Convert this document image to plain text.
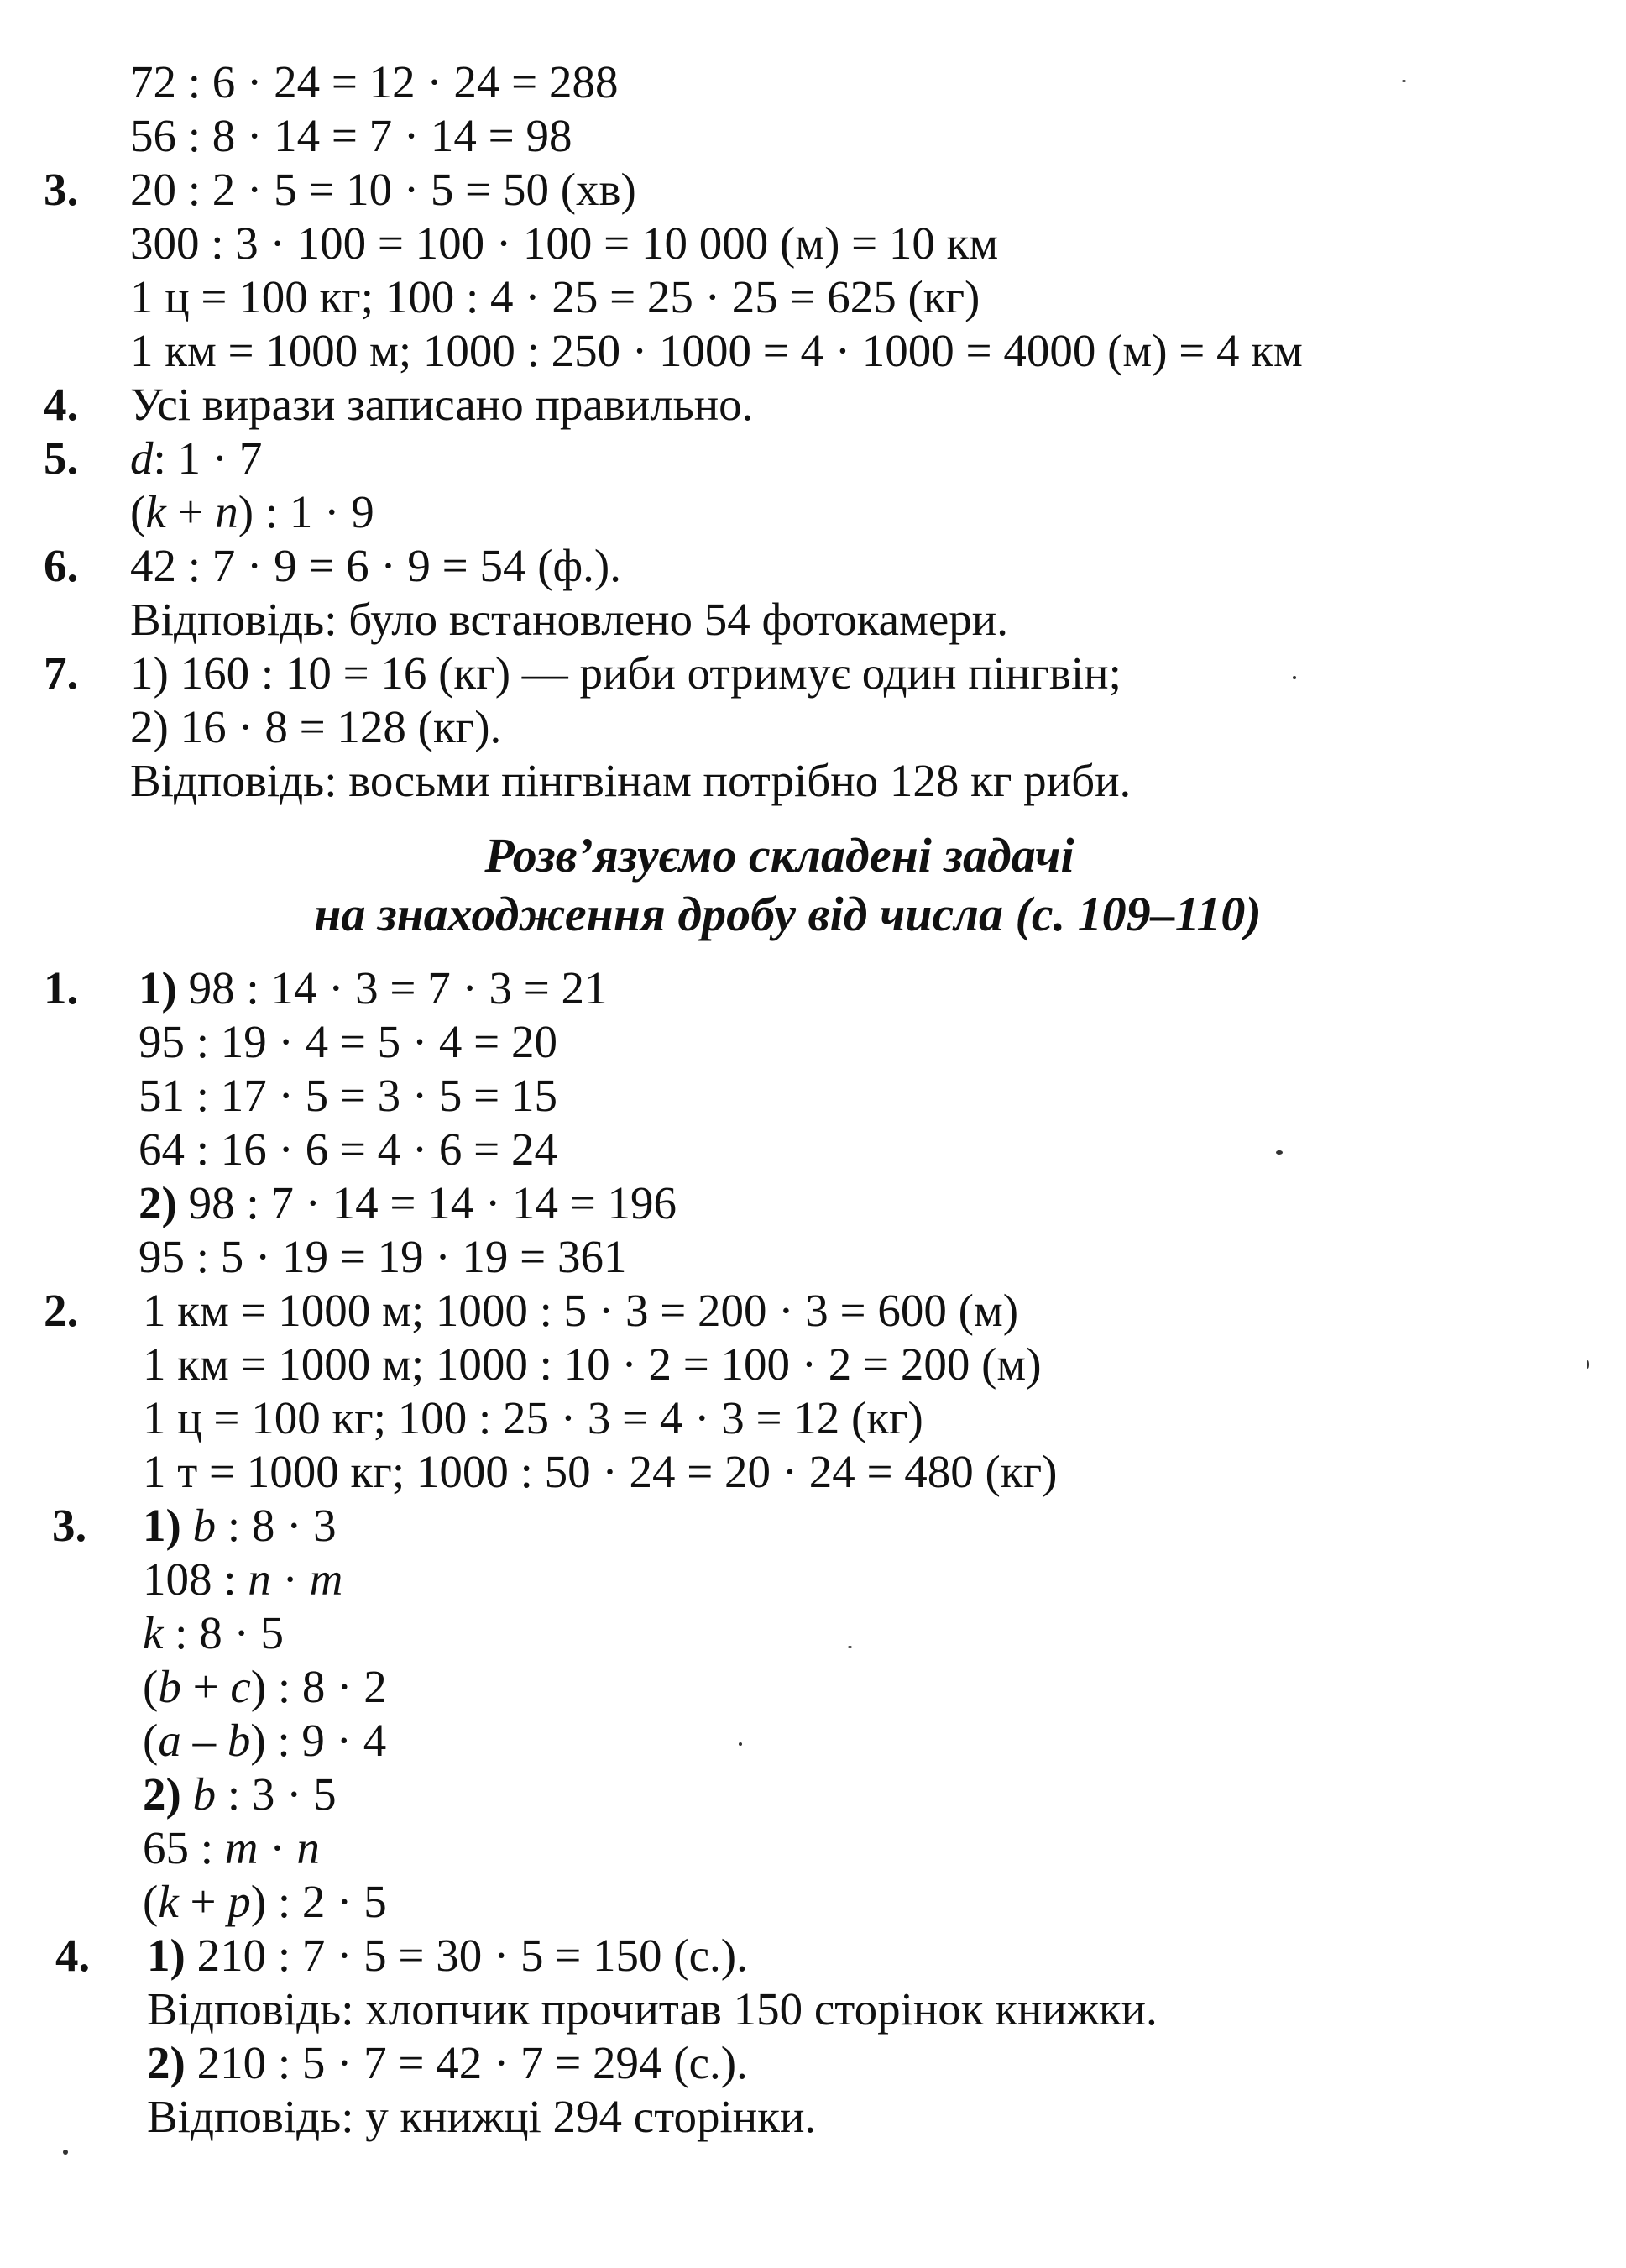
72 : 6 · 24 = 12 · 24 = 288
56 : 8 · 14 = 7 · 14 = 98
3. 20 : 2 · 5 = 10 · 5 = 50 (хв)
300 : 3 · 100 = 100 · 100 = 10 000 (м) = 10 км
1 ц = 100 кг; 100 : 4 · 25 = 25 · 25 = 625 (кг)
1 км = 1000 м; 1000 : 250 · 1000 = 4 · 1000 = 4000 (м) = 4 км
4. Усі вирази записано правильно.
5. d: 1 · 7
(k + n) : 1 · 9
6. 42 : 7 · 9 = 6 · 9 = 54 (ф.).
Відповідь: було встановлено 54 фотокамери.
7. 1) 160 : 10 = 16 (кг) — риби отримує один пінгвін;
2) 16 · 8 = 128 (кг).
Відповідь: восьми пінгвінам потрібно 128 кг риби.
Розв’язуємо складені задачі
на знаходження дробу від числа (с. 109–110)
1. 1) 98 : 14 · 3 = 7 · 3 = 21
95 : 19 · 4 = 5 · 4 = 20
51 : 17 · 5 = 3 · 5 = 15
64 : 16 · 6 = 4 · 6 = 24
2) 98 : 7 · 14 = 14 · 14 = 196
95 : 5 · 19 = 19 · 19 = 361
2. 1 км = 1000 м; 1000 : 5 · 3 = 200 · 3 = 600 (м)
1 км = 1000 м; 1000 : 10 · 2 = 100 · 2 = 200 (м)
1 ц = 100 кг; 100 : 25 · 3 = 4 · 3 = 12 (кг)
1 т = 1000 кг; 1000 : 50 · 24 = 20 · 24 = 480 (кг)
3. 1) b : 8 · 3
108 : n · m
k : 8 · 5
(b + c) : 8 · 2
(a – b) : 9 · 4
2) b : 3 · 5
65 : m · n
(k + p) : 2 · 5
4. 1) 210 : 7 · 5 = 30 · 5 = 150 (с.).
Відповідь: хлопчик прочитав 150 сторінок книжки.
2) 210 : 5 · 7 = 42 · 7 = 294 (с.).
Відповідь: у книжці 294 сторінки.
